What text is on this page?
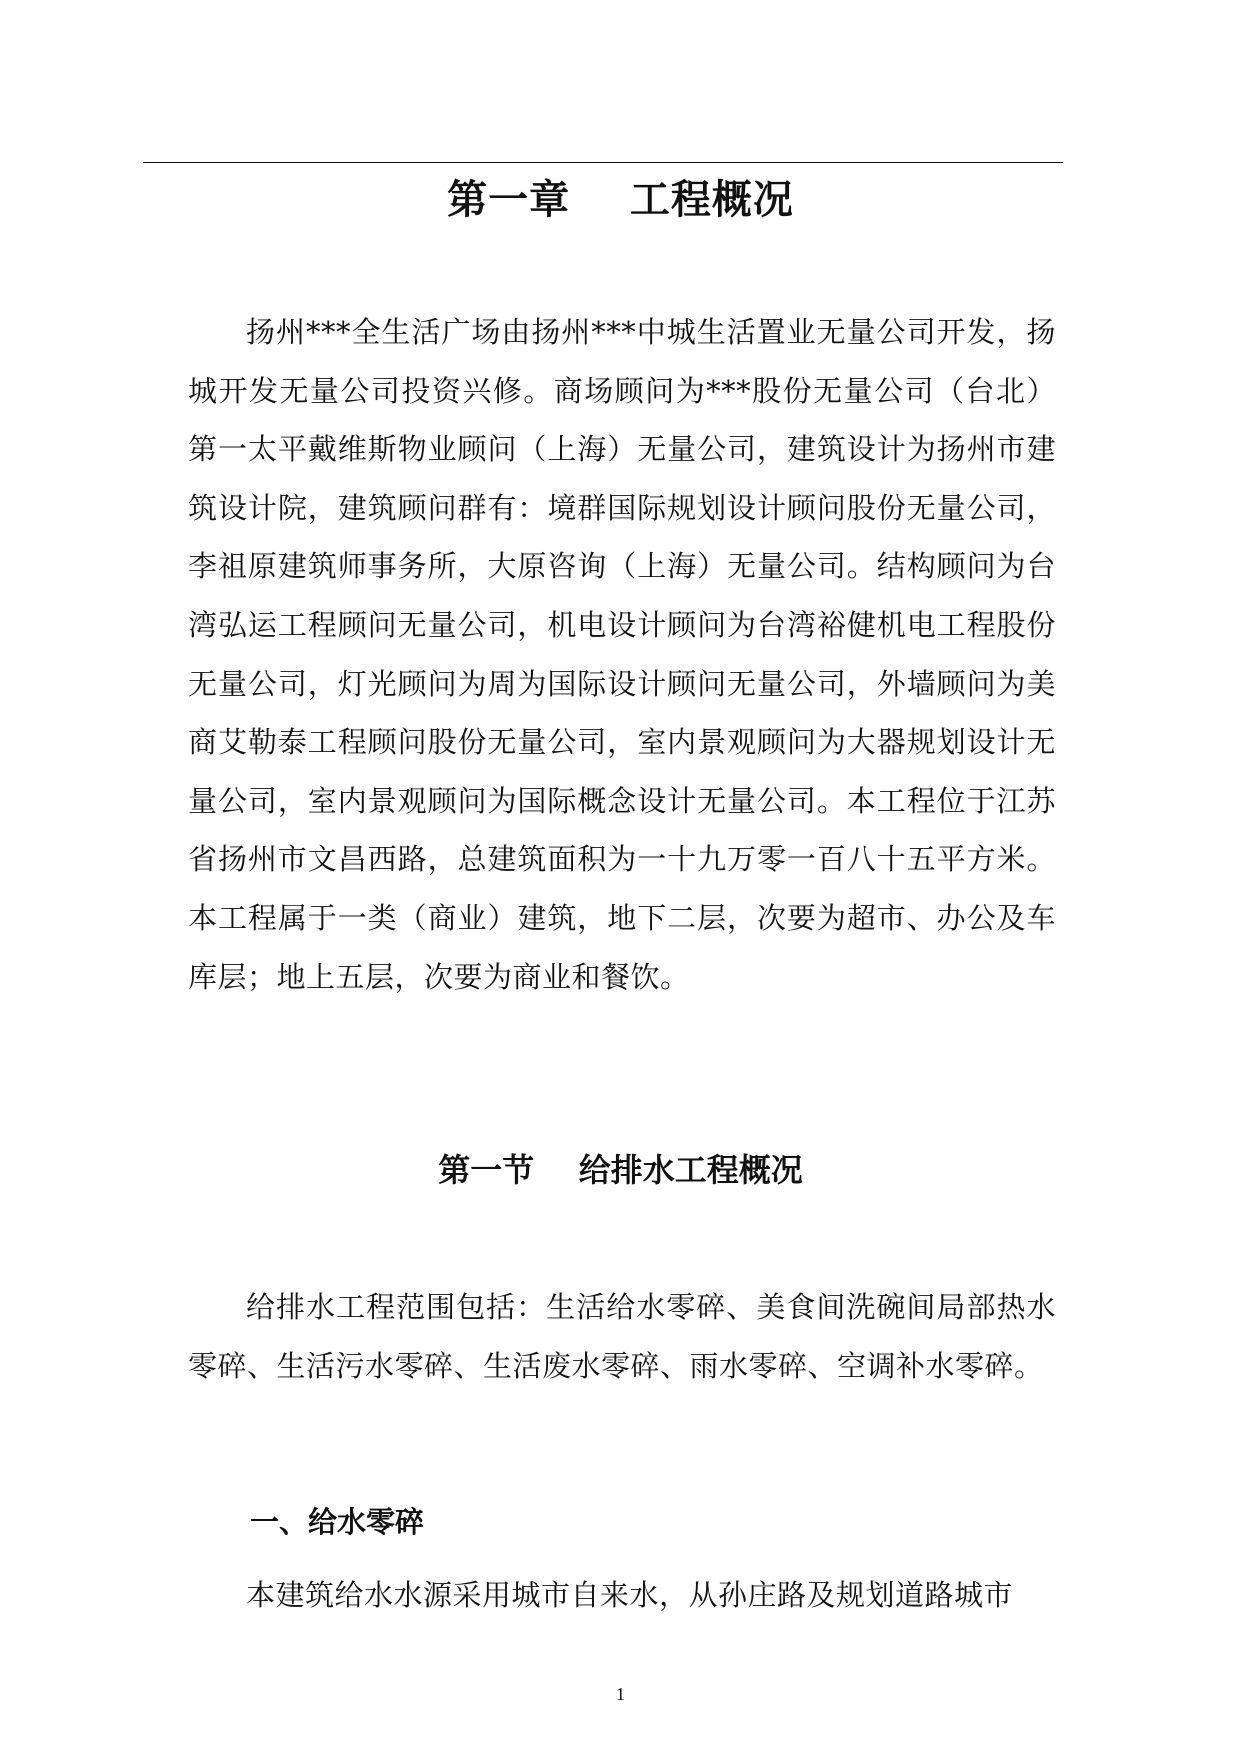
第一章    工程概况

扬州***全生活广场由扬州***中城生活置业无量公司开发，扬城开发无量公司投资兴修。商场顾问为***股份无量公司（台北）第一太平戴维斯物业顾问（上海）无量公司，建筑设计为扬州市建筑设计院，建筑顾问群有：境群国际规划设计顾问股份无量公司，李祖原建筑师事务所，大原咨询（上海）无量公司。结构顾问为台湾弘运工程顾问无量公司，机电设计顾问为台湾裕健机电工程股份无量公司，灯光顾问为周为国际设计顾问无量公司，外墙顾问为美商艾勒泰工程顾问股份无量公司，室内景观顾问为大器规划设计无量公司，室内景观顾问为国际概念设计无量公司。本工程位于江苏省扬州市文昌西路，总建筑面积为一十九万零一百八十五平方米。本工程属于一类（商业）建筑，地下二层，次要为超市、办公及车库层；地上五层，次要为商业和餐饮。

第一节    给排水工程概况

给排水工程范围包括：生活给水零碎、美食间洗碗间局部热水零碎、生活污水零碎、生活废水零碎、雨水零碎、空调补水零碎。

一、给水零碎

本建筑给水水源采用城市自来水，从孙庄路及规划道路城市

1
